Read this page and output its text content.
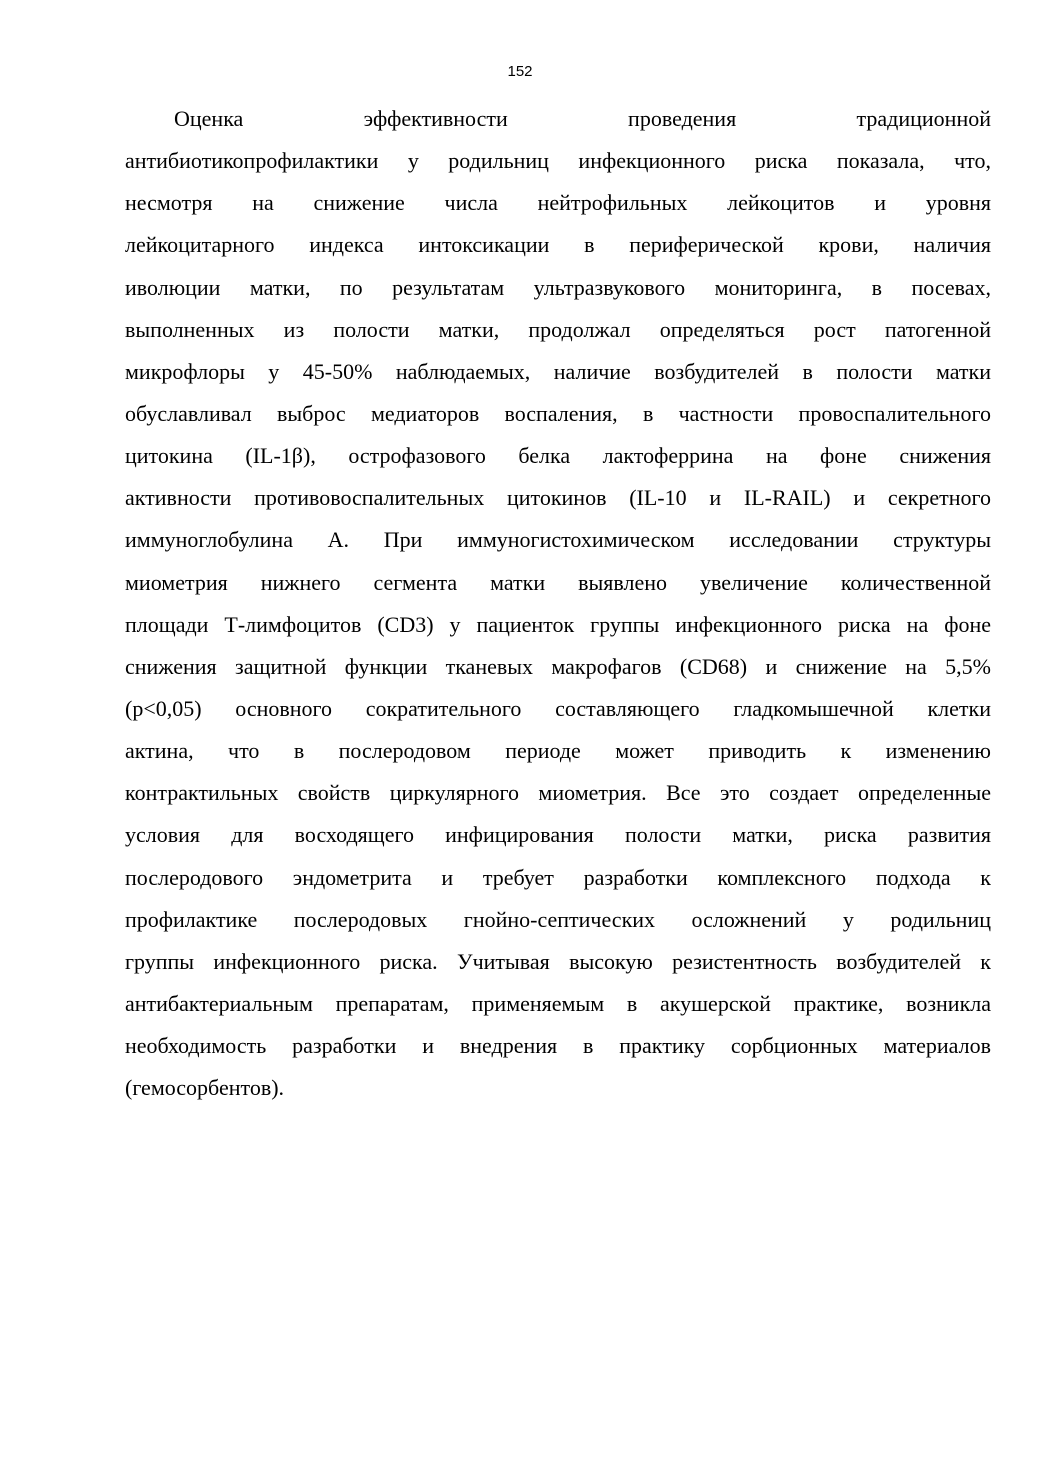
152
Оценка эффективности проведения традиционной
антибиотикопрофилактики у родильниц инфекционного риска показала, что,
несмотря на снижение числа нейтрофильных лейкоцитов и уровня
лейкоцитарного индекса интоксикации в периферической крови, наличия
иволюции матки, по результатам ультразвукового мониторинга, в посевах,
выполненных из полости матки, продолжал определяться рост патогенной
микрофлоры у 45-50% наблюдаемых, наличие возбудителей в полости матки
обуславливал выброс медиаторов воспаления, в частности провоспалительного
цитокина (IL-1β), острофазового белка лактоферрина на фоне снижения
активности противовоспалительных цитокинов (IL-10 и IL-RAIL) и секретного
иммуноглобулина А. При иммуногистохимическом исследовании структуры
миометрия нижнего сегмента матки выявлено увеличение количественной
площади Т-лимфоцитов (CD3) у пациенток группы инфекционного риска на фоне
снижения защитной функции тканевых макрофагов (CD68) и снижение на 5,5%
(р<0,05) основного сократительного составляющего гладкомышечной клетки
актина, что в послеродовом периоде может приводить к изменению
контрактильных свойств циркулярного миометрия. Все это создает определенные
условия для восходящего инфицирования полости матки, риска развития
послеродового эндометрита и требует разработки комплексного подхода к
профилактике послеродовых гнойно-септических осложнений у родильниц
группы инфекционного риска. Учитывая высокую резистентность возбудителей к
антибактериальным препаратам, применяемым в акушерской практике, возникла
необходимость разработки и внедрения в практику сорбционных материалов
(гемосорбентов).
